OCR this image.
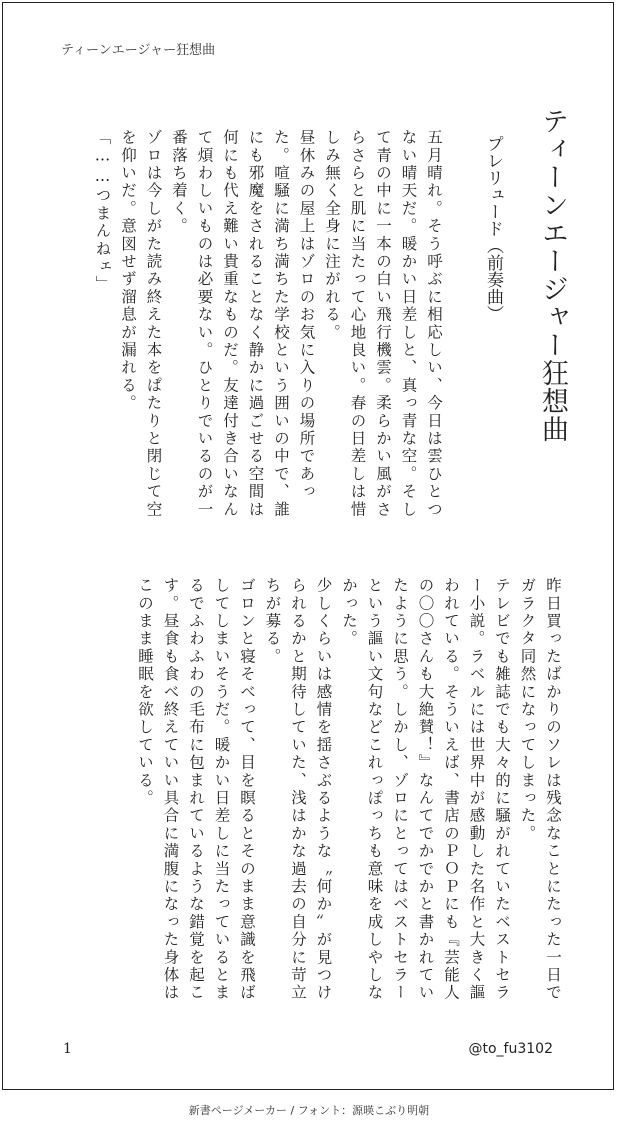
ティーンエージャー狂想曲
ティーンエージャー狂想曲
プレリュード（前奏曲）

五月晴れ。そう呼ぶに相応しい、今日は雲ひとつない晴天だ。暖かい日差しと、真っ青な空。そして青の中に一本の白い飛行機雲。柔らかい風がさらさらと肌に当たって心地良い。春の日差しは惜しみ無く全身に注がれる。

昼休みの屋上はゾロのお気に入りの場所であった。喧騒に満ち満ちた学校という囲いの中で、誰にも邪魔をされることなく静かに過ごせる空間は何にも代え難い貴重なものだ。友達付き合いなんて煩わしいものは必要ない。ひとりでいるのが一番落ち着く。

ゾロは今しがた読み終えた本をぱたりと閉じて空を仰いだ。意図せず溜息が漏れる。

「……つまんねェ」

昨日買ったばかりのソレは残念なことにたった一日でガラクタ同然になってしまった。

テレビでも雑誌でも大々的に騒がれていたベストセラー小説。ラベルには世界中が感動した名作と大きく謳われている。そういえば、書店のＰＯＰにも『芸能人の〇〇さんも大絶賛！』なんてでかでかと書かれていたように思う。しかし、ゾロにとってはベストセラーという謳い文句などこれっぽっちも意味を成しやしなかった。

少しくらいは感情を揺さぶるような〝何か〟が見つけられるかと期待していた、浅はかな過去の自分に苛立ちが募る。

ゴロンと寝そべって、目を瞑るとそのまま意識を飛ばしてしまいそうだ。暖かい日差しに当たっているとまるでふわふわの毛布に包まれているような錯覚を起こす。昼食も食べ終えていい具合に満腹になった身体はこのまま睡眠を欲している。

1	@to_fu3102
新書ページメーカー / フォント：源暎こぶり明朝
